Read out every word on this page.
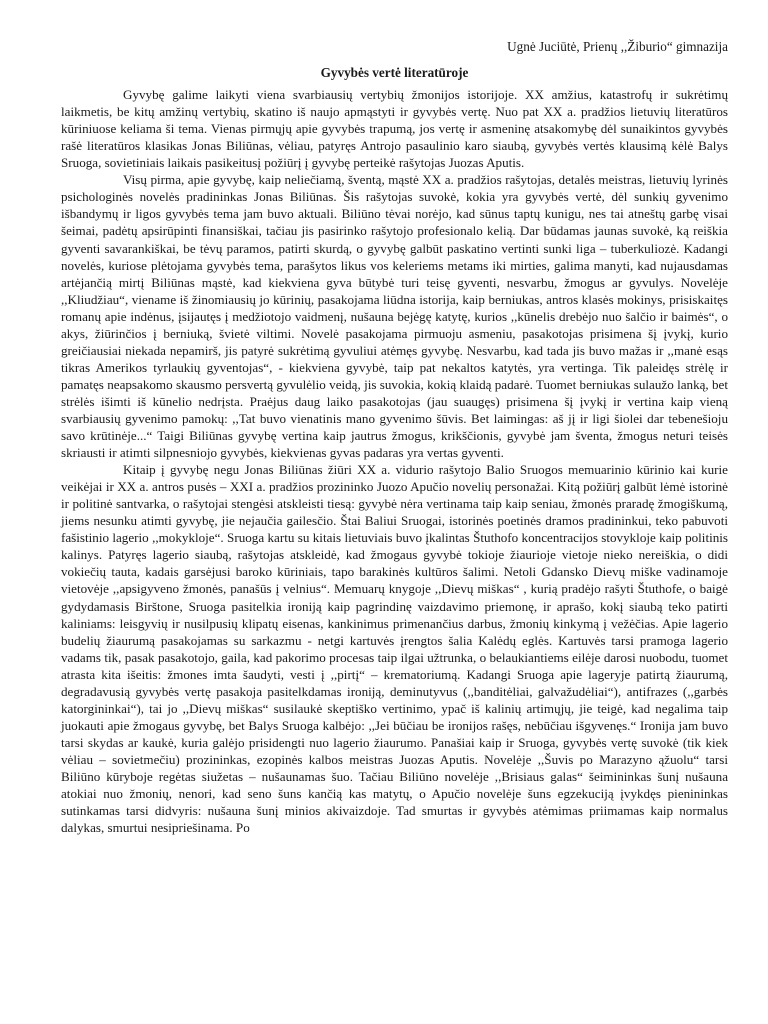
Ugnė Juciūtė, Prienų ,,Žiburio“ gimnazija

Gyvybės vertė literatūroje

Gyvybę galime laikyti viena svarbiausių vertybių žmonijos istorijoje. XX amžius, katastrofų ir sukrėtimų laikmetis, be kitų amžinų vertybių, skatino iš naujo apmąstyti ir gyvybės vertę. Nuo pat XX a. pradžios lietuvių literatūros kūriniuose keliama ši tema. Vienas pirmųjų apie gyvybės trapumą, jos vertę ir asmeninę atsakomybę dėl sunaikintos gyvybės rašė literatūros klasikas Jonas Biliūnas, vėliau, patyręs Antrojo pasaulinio karo siaubą, gyvybės vertės klausimą kėlė Balys Sruoga, sovietiniais laikais pasikeitusį požiūrį į gyvybę perteikė rašytojas Juozas Aputis.

Visų pirma, apie gyvybę, kaip neliečiamą, šventą, mąstė XX a. pradžios rašytojas, detalės meistras, lietuvių lyrinės psichologinės novelės pradininkas Jonas Biliūnas. Šis rašytojas suvokė, kokia yra gyvybės vertė, dėl sunkių gyvenimo išbandymų ir ligos gyvybės tema jam buvo aktuali. Biliūno tėvai norėjo, kad sūnus taptų kunigu, nes tai atneštų garbę visai šeimai, padėtų apsirūpinti finansiškai, tačiau jis pasirinko rašytojo profesionalo kelią. Dar būdamas jaunas suvokė, ką reiškia gyventi savarankiškai, be tėvų paramos, patirti skurdą, o gyvybę galbūt paskatino vertinti sunki liga – tuberkuliozė. Kadangi novelės, kuriose plėtojama gyvybės tema, parašytos likus vos keleriems metams iki mirties, galima manyti, kad nujausdamas artėjančią mirtį Biliūnas mąstė, kad kiekviena gyva būtybė turi teisę gyventi, nesvarbu, žmogus ar gyvulys. Novelėje ,,Kliudžiau“, viename iš žinomiausių jo kūrinių, pasakojama liūdna istorija, kaip berniukas, antros klasės mokinys, prisiskaitęs romanų apie indėnus, įsijautęs į medžiotojo vaidmenį, nušauna bejėgę katytę, kurios ,,kūnelis drebėjo nuo šalčio ir baimės“, o akys, žiūrinčios į berniuką, švietė viltimi. Novelė pasakojama pirmuoju asmeniu, pasakotojas prisimena šį įvykį, kurio greičiausiai niekada nepamirš, jis patyrė sukrėtimą gyvuliui atėmęs gyvybę. Nesvarbu, kad tada jis buvo mažas ir ,,manė esąs tikras Amerikos tyrlaukių gyventojas“, - kiekviena gyvybė, taip pat nekaltos katytės, yra vertinga. Tik paleidęs strėlę ir pamatęs neapsakomo skausmo persvertą gyvulėlio veidą, jis suvokia, kokią klaidą padarė. Tuomet berniukas sulaužo lanką, bet strėlės išimti iš kūnelio nedrįsta. Praėjus daug laiko pasakotojas (jau suaugęs) prisimena šį įvykį ir vertina kaip vieną svarbiausių gyvenimo pamokų: ,,Tat buvo vienatinis mano gyvenimo šūvis. Bet laimingas: aš jį ir ligi šiolei dar tebenešioju savo krūtinėje...“ Taigi Biliūnas gyvybę vertina kaip jautrus žmogus, krikščionis, gyvybė jam šventa, žmogus neturi teisės skriausti ir atimti silpnesniojo gyvybės, kiekvienas gyvas padaras yra vertas gyventi.

Kitaip į gyvybę negu Jonas Biliūnas žiūri XX a. vidurio rašytojo Balio Sruogos memuarinio kūrinio kai kurie veikėjai ir XX a. antros pusės – XXI a. pradžios prozininko Juozo Apučio novelių personažai. Kitą požiūrį galbūt lėmė istorinė ir politinė santvarka, o rašytojai stengėsi atskleisti tiesą: gyvybė nėra vertinama taip kaip seniau, žmonės praradę žmogiškumą, jiems nesunku atimti gyvybę, jie nejaučia gailesčio. Štai Baliui Sruogai, istorinės poetinės dramos pradininkui, teko pabuvoti fašistinio lagerio ,,mokykloje“. Sruoga kartu su kitais lietuviais buvo įkalintas Štuthofo koncentracijos stovykloje kaip politinis kalinys. Patyręs lagerio siaubą, rašytojas atskleidė, kad žmogaus gyvybė tokioje žiaurioje vietoje nieko nereiškia, o didi vokiečių tauta, kadais garsėjusi baroko kūriniais, tapo barakinės kultūros šalimi. Netoli Gdansko Dievų miške vadinamoje vietovėje ,,apsigyveno žmonės, panašūs į velnius“. Memuarų knygoje ,,Dievų miškas“ , kurią pradėjo rašyti Štuthofe, o baigė gydydamasis Birštone, Sruoga pasitelkia ironiją kaip pagrindinę vaizdavimo priemonę, ir aprašo, kokį siaubą teko patirti kaliniams: leisgyvių ir nusilpusių klipatų eisenas, kankinimus primenančius darbus, žmonių kinkymą į vežėčias. Apie lagerio budelių žiaurumą pasakojamas su sarkazmu - netgi kartuvės įrengtos šalia Kalėdų eglės. Kartuvės tarsi pramoga lagerio vadams tik, pasak pasakotojo, gaila, kad pakorimo procesas taip ilgai užtrunka, o belaukiantiems eilėje darosi nuobodu, tuomet atrasta kita išeitis: žmones imta šaudyti, vesti į ,,pirtį“ – krematoriumą. Kadangi Sruoga apie lageryje patirtą žiaurumą, degradavusią gyvybės vertę pasakoja pasitelkdamas ironiją, deminutyvus (,,banditėliai, galvažudėliai“), antifrazes (,,garbės katorgininkai“), tai jo ,,Dievų miškas“ susilaukė skeptiško vertinimo, ypač iš kalinių artimųjų, jie teigė, kad negalima taip juokauti apie žmogaus gyvybę, bet Balys Sruoga kalbėjo: ,,Jei būčiau be ironijos rašęs, nebūčiau išgyvenęs.“ Ironija jam buvo tarsi skydas ar kaukė, kuria galėjo prisidengti nuo lagerio žiaurumo. Panašiai kaip ir Sruoga, gyvybės vertę suvokė (tik kiek vėliau – sovietmečiu) prozininkas, ezopinės kalbos meistras Juozas Aputis. Novelėje ,,Šuvis po Marazyno ąžuolu“ tarsi Biliūno kūryboje regėtas siužetas – nušaunamas šuo. Tačiau Biliūno novelėje ,,Brisiaus galas“ šeimininkas šunį nušauna atokiai nuo žmonių, nenori, kad seno šuns kančią kas matytų, o Apučio novelėje šuns egzekuciją įvykdęs pienininkas sutinkamas tarsi didvyris: nušauna šunį minios akivaizdoje. Tad smurtas ir gyvybės atėmimas priimamas kaip normalus dalykas, smurtui nesipriešinama. Po
